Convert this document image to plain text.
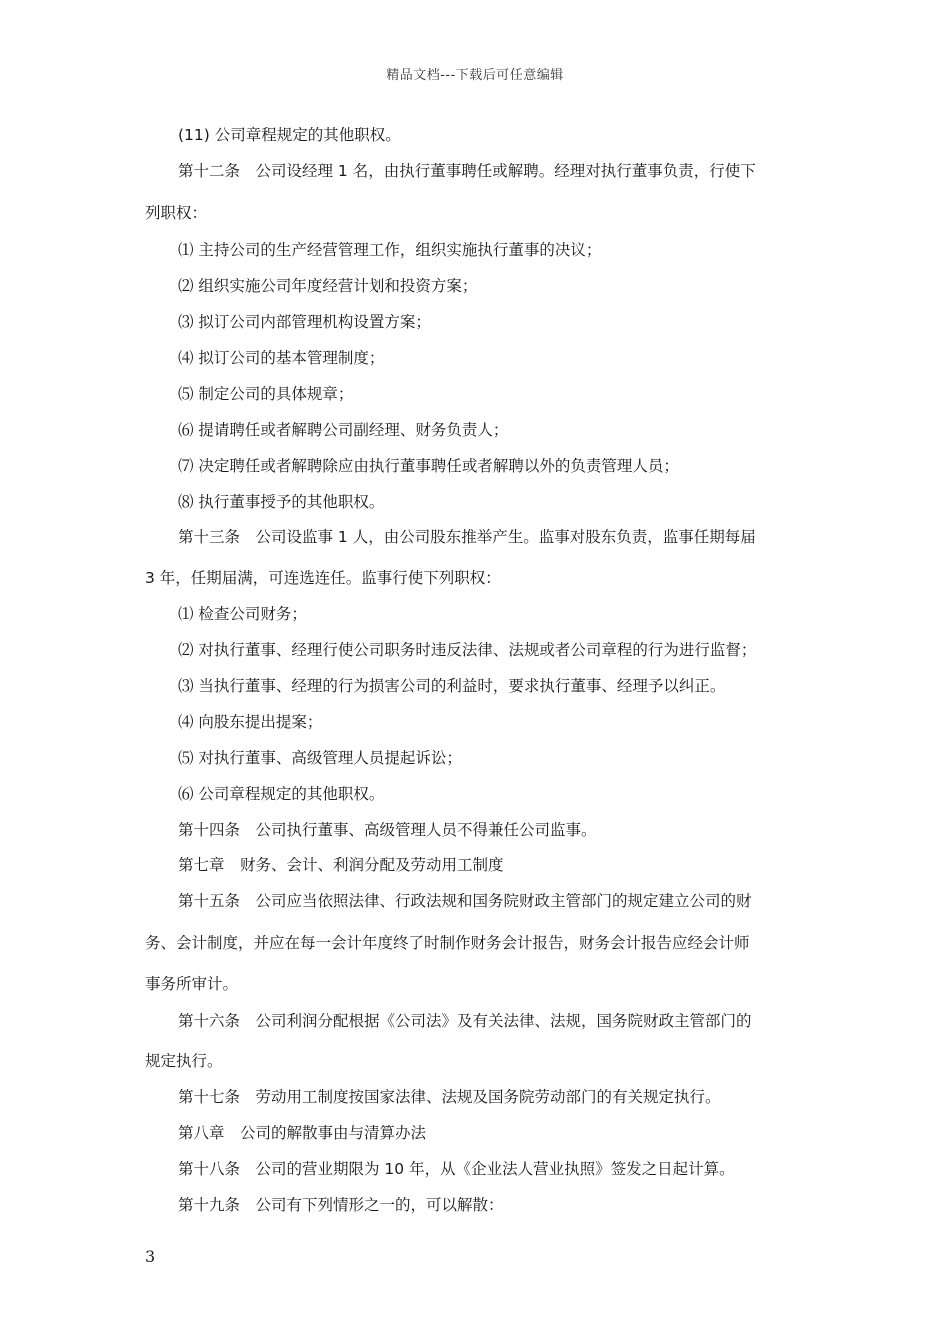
精品文档---下载后可任意编辑
(11) 公司章程规定的其他职权。
第十二条　公司设经理 1 名，由执行董事聘任或解聘。经理对执行董事负责，行使下
列职权：
⑴ 主持公司的生产经营管理工作，组织实施执行董事的决议；
⑵ 组织实施公司年度经营计划和投资方案；
⑶ 拟订公司内部管理机构设置方案；
⑷ 拟订公司的基本管理制度；
⑸ 制定公司的具体规章；
⑹ 提请聘任或者解聘公司副经理、财务负责人；
⑺ 决定聘任或者解聘除应由执行董事聘任或者解聘以外的负责管理人员；
⑻ 执行董事授予的其他职权。
第十三条　公司设监事 1 人，由公司股东推举产生。监事对股东负责，监事任期每届
3 年，任期届满，可连选连任。监事行使下列职权：
⑴ 检查公司财务；
⑵ 对执行董事、经理行使公司职务时违反法律、法规或者公司章程的行为进行监督；
⑶ 当执行董事、经理的行为损害公司的利益时，要求执行董事、经理予以纠正。
⑷ 向股东提出提案；
⑸ 对执行董事、高级管理人员提起诉讼；
⑹ 公司章程规定的其他职权。
第十四条　公司执行董事、高级管理人员不得兼任公司监事。
第七章　财务、会计、利润分配及劳动用工制度
第十五条　公司应当依照法律、行政法规和国务院财政主管部门的规定建立公司的财
务、会计制度，并应在每一会计年度终了时制作财务会计报告，财务会计报告应经会计师
事务所审计。
第十六条　公司利润分配根据《公司法》及有关法律、法规，国务院财政主管部门的
规定执行。
第十七条　劳动用工制度按国家法律、法规及国务院劳动部门的有关规定执行。
第八章　公司的解散事由与清算办法
第十八条　公司的营业期限为 10 年，从《企业法人营业执照》签发之日起计算。
第十九条　公司有下列情形之一的，可以解散：
3
